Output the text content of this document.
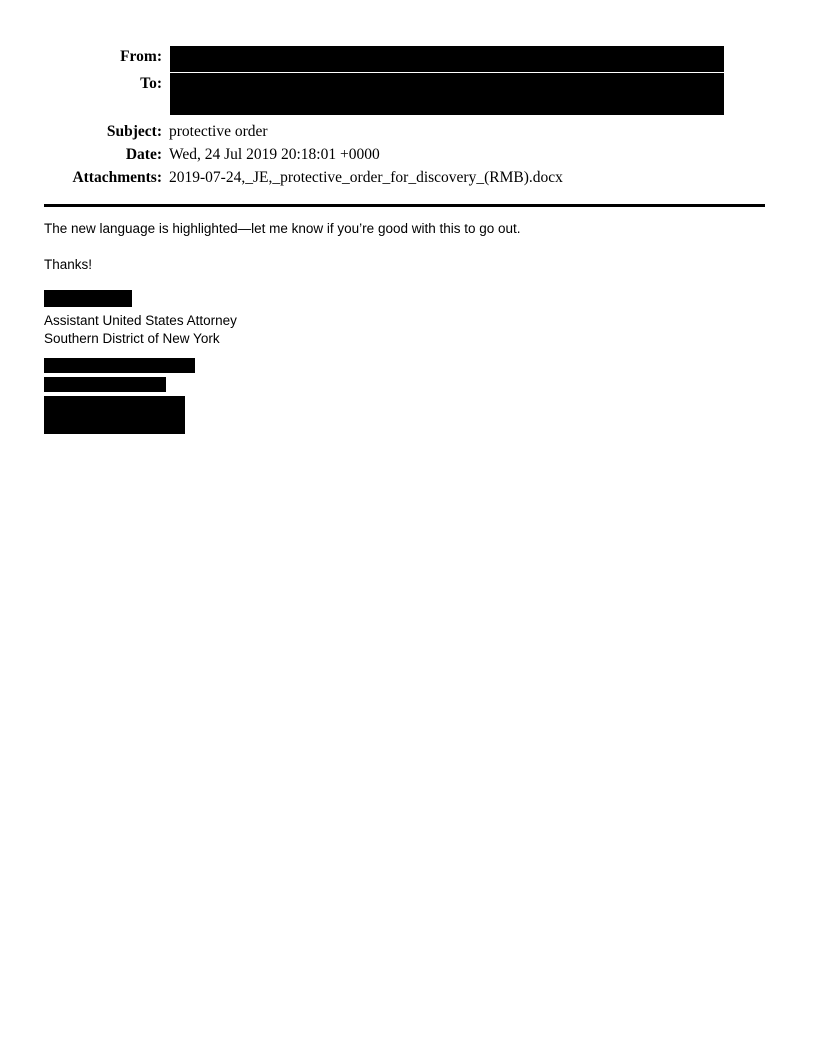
From:
To:
Subject: protective order
Date: Wed, 24 Jul 2019 20:18:01 +0000
Attachments: 2019-07-24,_JE,_protective_order_for_discovery_(RMB).docx

The new language is highlighted—let me know if you’re good with this to go out.

Thanks!

Assistant United States Attorney

Southern District of New York
